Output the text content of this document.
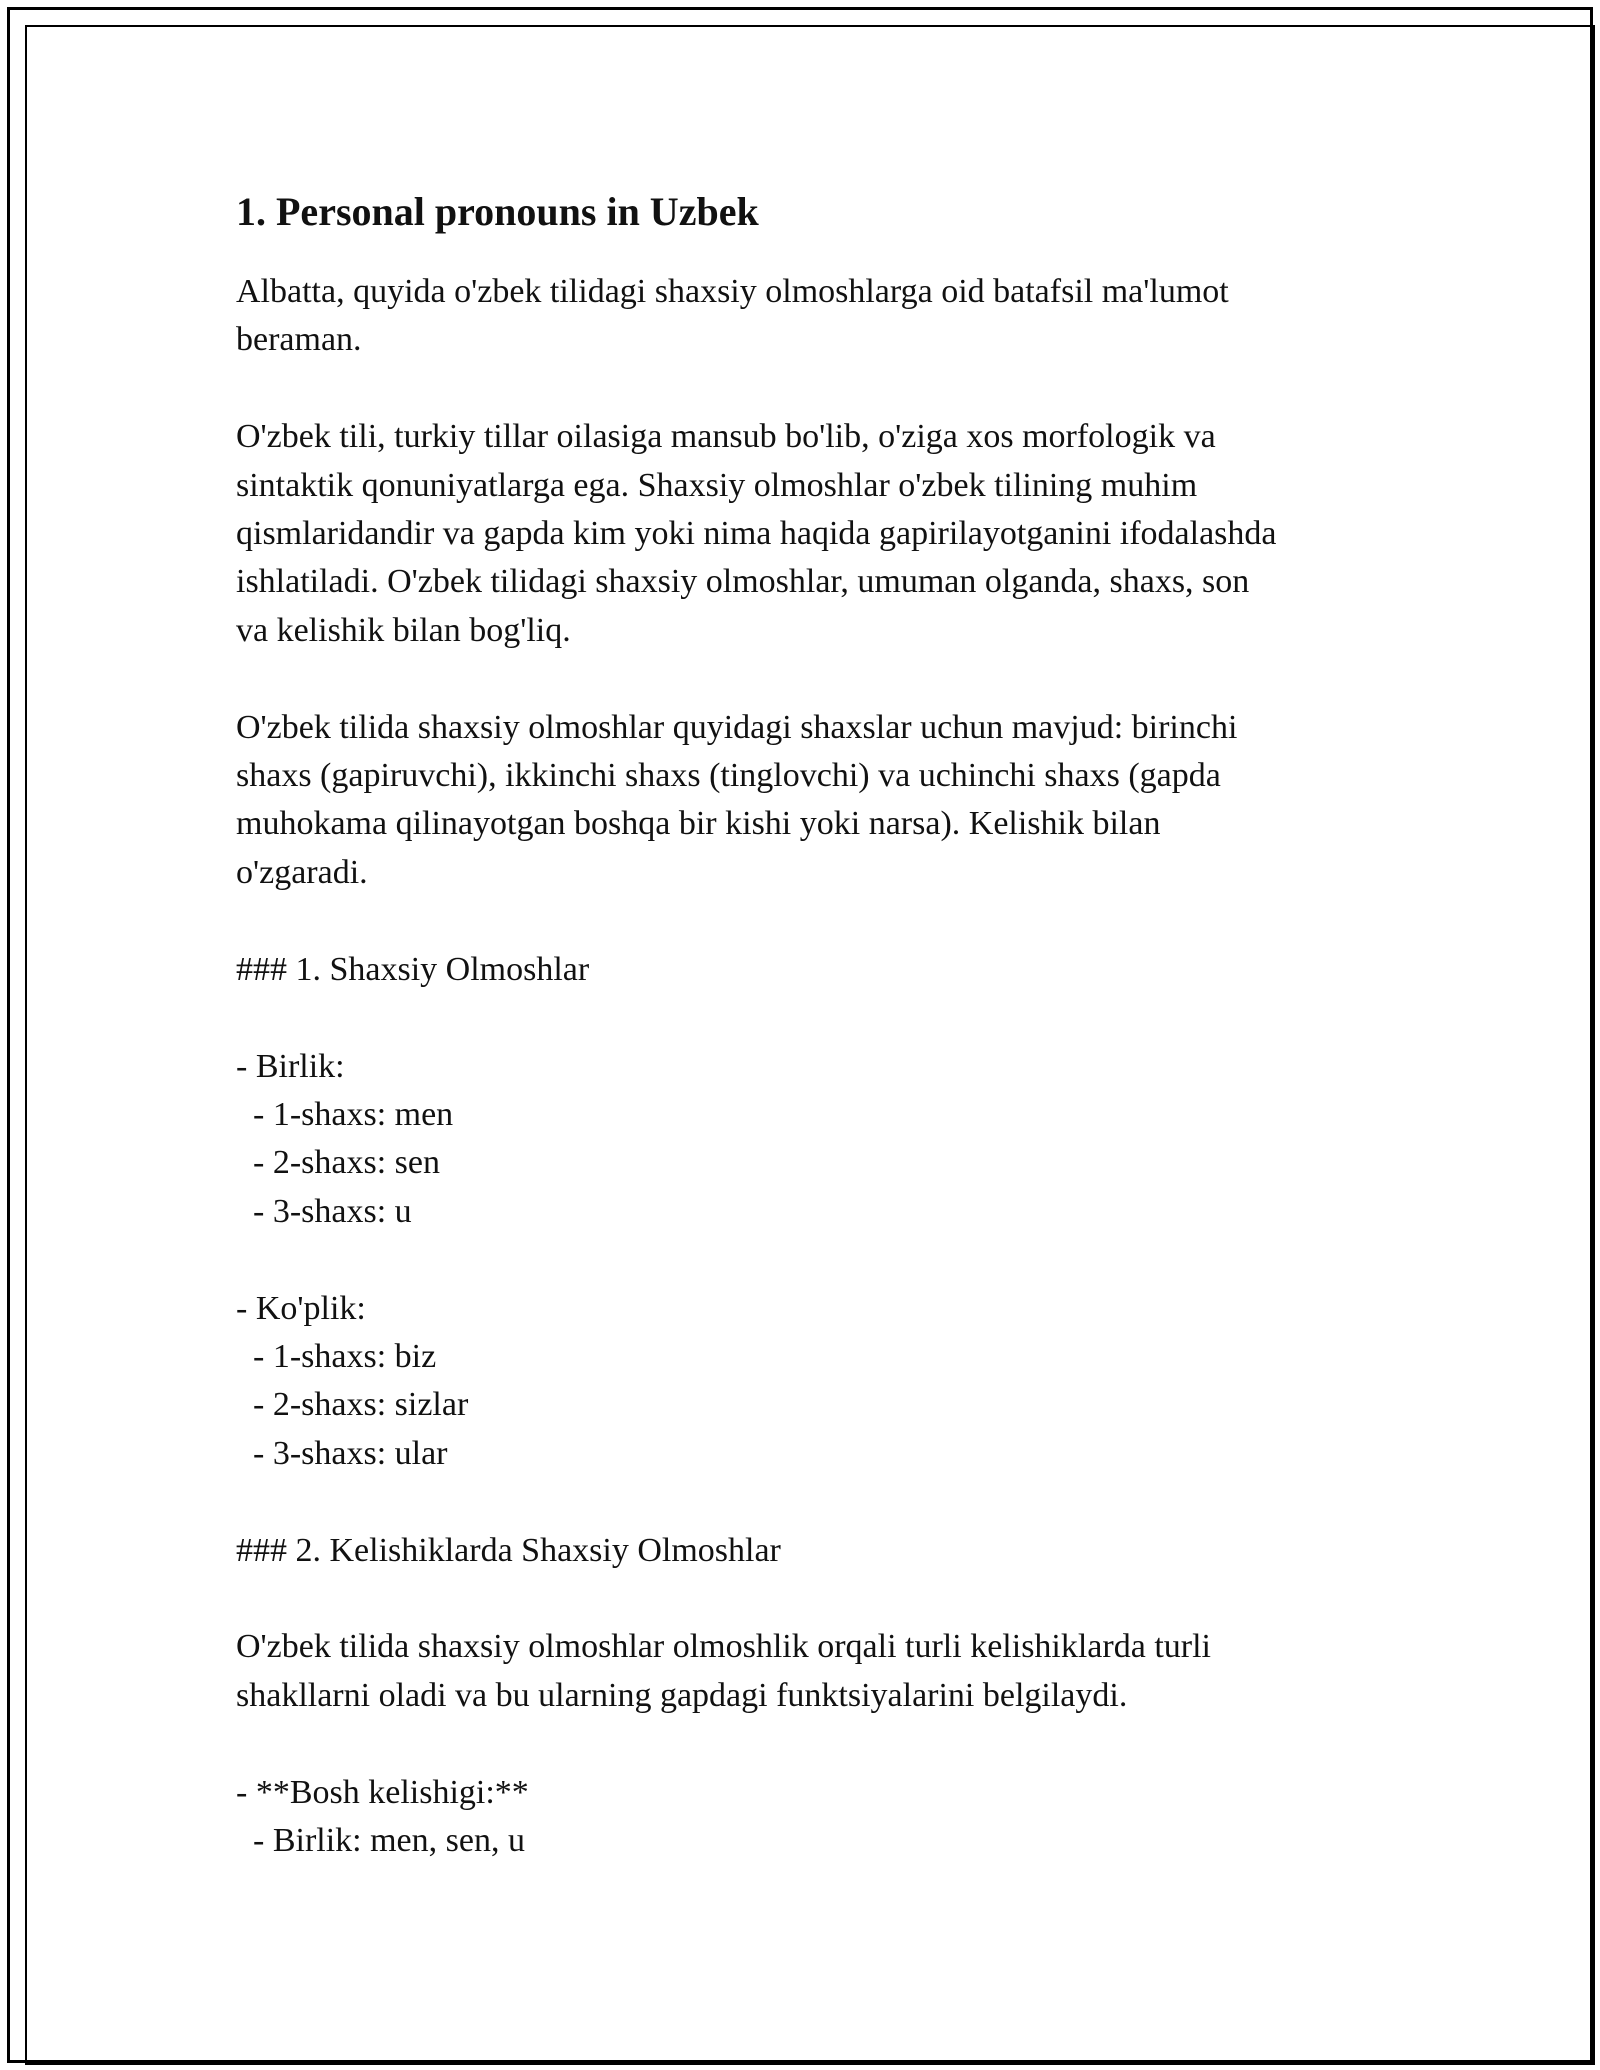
1. Personal pronouns in Uzbek

Albatta, quyida o'zbek tilidagi shaxsiy olmoshlarga oid batafsil ma'lumot
beraman.

O'zbek tili, turkiy tillar oilasiga mansub bo'lib, o'ziga xos morfologik va
sintaktik qonuniyatlarga ega. Shaxsiy olmoshlar o'zbek tilining muhim
qismlaridandir va gapda kim yoki nima haqida gapirilayotganini ifodalashda
ishlatiladi. O'zbek tilidagi shaxsiy olmoshlar, umuman olganda, shaxs, son
va kelishik bilan bog'liq.

O'zbek tilida shaxsiy olmoshlar quyidagi shaxslar uchun mavjud: birinchi
shaxs (gapiruvchi), ikkinchi shaxs (tinglovchi) va uchinchi shaxs (gapda
muhokama qilinayotgan boshqa bir kishi yoki narsa). Kelishik bilan
o'zgaradi.

### 1. Shaxsiy Olmoshlar

- Birlik:
- 1-shaxs: men
- 2-shaxs: sen
- 3-shaxs: u

- Ko'plik:
- 1-shaxs: biz
- 2-shaxs: sizlar
- 3-shaxs: ular

### 2. Kelishiklarda Shaxsiy Olmoshlar

O'zbek tilida shaxsiy olmoshlar olmoshlik orqali turli kelishiklarda turli
shakllarni oladi va bu ularning gapdagi funktsiyalarini belgilaydi.

- **Bosh kelishigi:**
- Birlik: men, sen, u
